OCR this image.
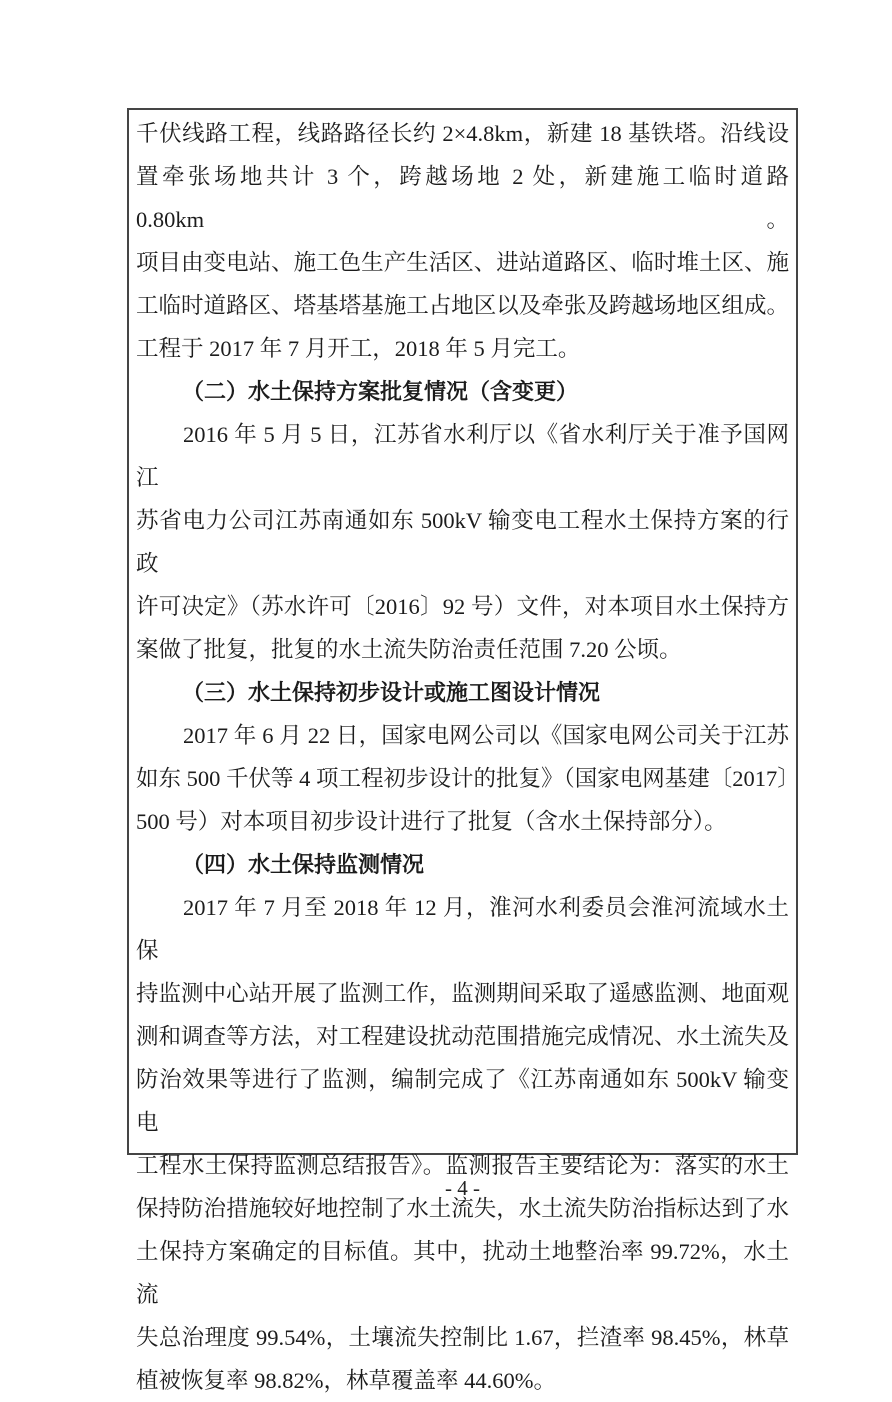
千伏线路工程，线路路径长约 2×4.8km，新建 18 基铁塔。沿线设
置牵张场地共计 3 个，跨越场地 2 处，新建施工临时道路 0.80km。
项目由变电站、施工色生产生活区、进站道路区、临时堆土区、施
工临时道路区、塔基塔基施工占地区以及牵张及跨越场地区组成。
工程于 2017 年 7 月开工，2018 年 5 月完工。
（二）水土保持方案批复情况（含变更）
2016 年 5 月 5 日，江苏省水利厅以《省水利厅关于准予国网江
苏省电力公司江苏南通如东 500kV 输变电工程水土保持方案的行政
许可决定》（苏水许可〔2016〕92 号）文件，对本项目水土保持方
案做了批复，批复的水土流失防治责任范围 7.20 公顷。
（三）水土保持初步设计或施工图设计情况
2017 年 6 月 22 日，国家电网公司以《国家电网公司关于江苏
如东 500 千伏等 4 项工程初步设计的批复》（国家电网基建〔2017〕
500 号）对本项目初步设计进行了批复（含水土保持部分）。
（四）水土保持监测情况
2017 年 7 月至 2018 年 12 月，淮河水利委员会淮河流域水土保
持监测中心站开展了监测工作，监测期间采取了遥感监测、地面观
测和调查等方法，对工程建设扰动范围措施完成情况、水土流失及
防治效果等进行了监测，编制完成了《江苏南通如东 500kV 输变电
工程水土保持监测总结报告》。监测报告主要结论为：落实的水土
保持防治措施较好地控制了水土流失，水土流失防治指标达到了水
土保持方案确定的目标值。其中，扰动土地整治率 99.72%，水土流
失总治理度 99.54%，土壤流失控制比 1.67，拦渣率 98.45%，林草
植被恢复率 98.82%，林草覆盖率 44.60%。
- 4 -
